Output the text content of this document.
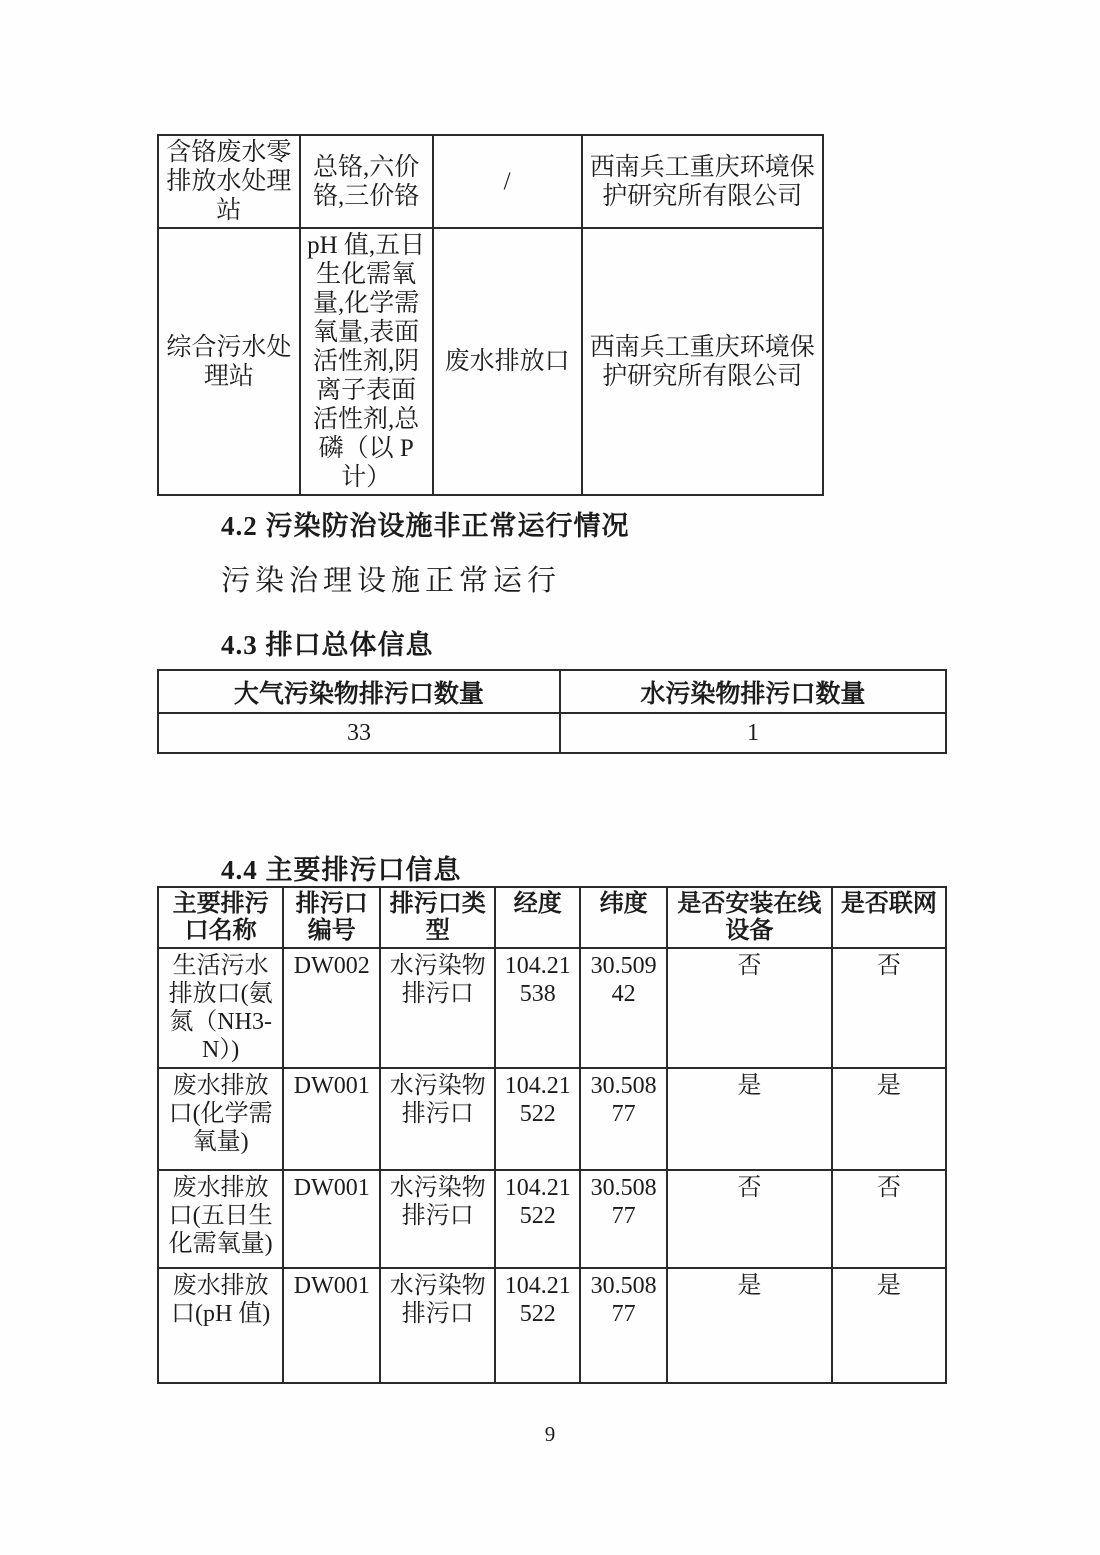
含铬废水零排放水处理站	总铬,六价铬,三价铬	/	西南兵工重庆环境保护研究所有限公司
综合污水处理站	pH 值,五日生化需氧量,化学需氧量,表面活性剂,阴离子表面活性剂,总磷（以 P 计）	废水排放口	西南兵工重庆环境保护研究所有限公司
4.2 污染防治设施非正常运行情况
污染治理设施正常运行
4.3 排口总体信息
大气污染物排污口数量	水污染物排污口数量
33	1
4.4 主要排污口信息
主要排污口名称	排污口编号	排污口类型	经度	纬度	是否安装在线设备	是否联网
生活污水排放口(氨氮（NH3-N）)	DW002	水污染物排污口	104.21538	30.50942	否	否
废水排放口(化学需氧量)	DW001	水污染物排污口	104.21522	30.50877	是	是
废水排放口(五日生化需氧量)	DW001	水污染物排污口	104.21522	30.50877	否	否
废水排放口(pH 值)	DW001	水污染物排污口	104.21522	30.50877	是	是
9
